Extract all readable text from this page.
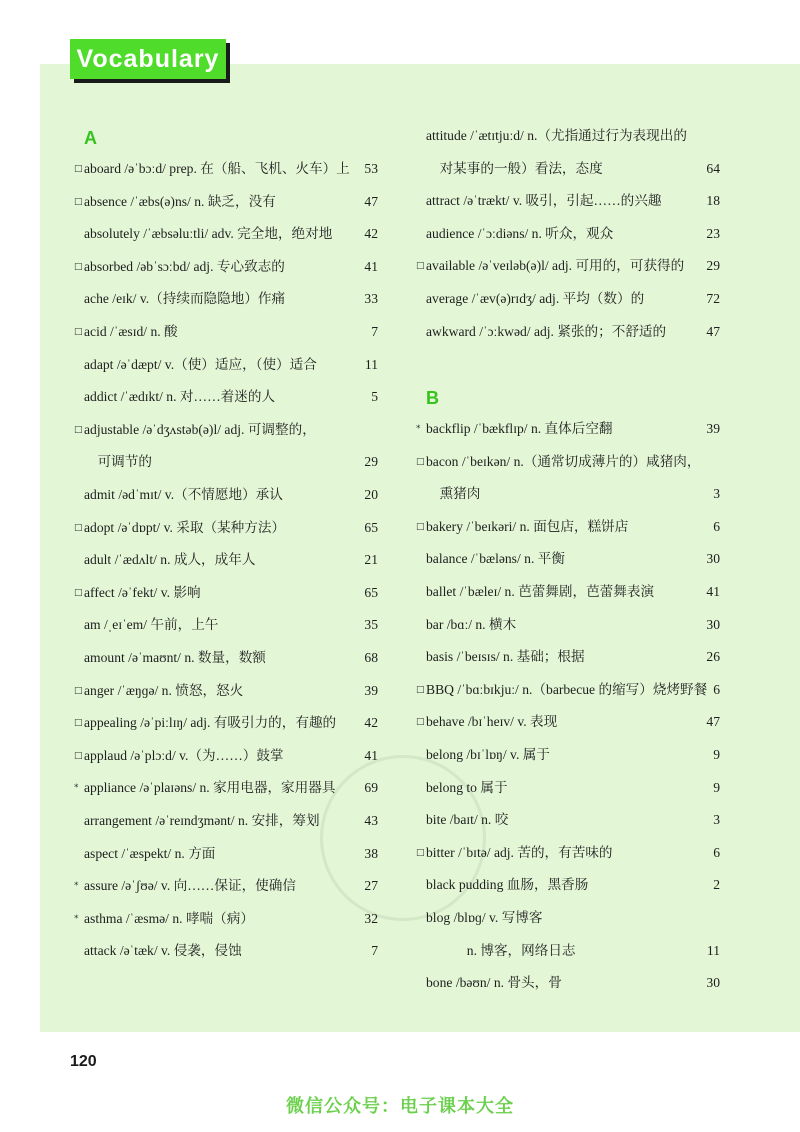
Vocabulary
A
B
□ aboard /əˈbɔːd/ prep. 在（船、飞机、火车）上 53
□ absence /ˈæbs(ə)ns/ n. 缺乏，没有	47
absolutely /ˈæbsəluːtli/ adv. 完全地，绝对地 42
□ absorbed /əbˈsɔːbd/ adj. 专心致志的	41
ache /eɪk/ v.（持续而隐隐地）作痛	33
□ acid /ˈæsɪd/ n. 酸	7
adapt /əˈdæpt/ v.（使）适应，（使）适合	11
addict /ˈædɪkt/ n. 对……着迷的人	5
□ adjustable /əˈdʒʌstəb(ə)l/ adj. 可调整的，
可调节的	29
admit /ədˈmɪt/ v.（不情愿地）承认	20
□ adopt /əˈdɒpt/ v. 采取（某种方法）	65
adult /ˈædʌlt/ n. 成人，成年人	21
□ affect /əˈfekt/ v. 影响	65
am /ˌeɪˈem/ 午前，上午	35
amount /əˈmaʊnt/ n. 数量，数额	68
□ anger /ˈæŋɡə/ n. 愤怒，怒火	39
□ appealing /əˈpiːlɪŋ/ adj. 有吸引力的，有趣的 42
□ applaud /əˈplɔːd/ v.（为……）鼓掌	41
* appliance /əˈplaɪəns/ n. 家用电器，家用器具 69
arrangement /əˈreɪndʒmənt/ n. 安排，筹划	43
aspect /ˈæspekt/ n. 方面	38
* assure /əˈʃʊə/ v. 向……保证，使确信	27
* asthma /ˈæsmə/ n. 哮喘（病）	32
attack /əˈtæk/ v. 侵袭，侵蚀	7
attitude /ˈætɪtjuːd/ n.（尤指通过行为表现出的
对某事的一般）看法，态度	64
attract /əˈtrækt/ v. 吸引，引起……的兴趣	18
audience /ˈɔːdiəns/ n. 听众，观众	23
□ available /əˈveɪləb(ə)l/ adj. 可用的，可获得的 29
average /ˈæv(ə)rɪdʒ/ adj. 平均（数）的	72
awkward /ˈɔːkwəd/ adj. 紧张的；不舒适的	47
* backflip /ˈbækflɪp/ n. 直体后空翻	39
□ bacon /ˈbeɪkən/ n.（通常切成薄片的）咸猪肉，
熏猪肉	3
□ bakery /ˈbeɪkəri/ n. 面包店，糕饼店	6
balance /ˈbæləns/ n. 平衡	30
ballet /ˈbæleɪ/ n. 芭蕾舞剧，芭蕾舞表演	41
bar /bɑː/ n. 横木	30
basis /ˈbeɪsɪs/ n. 基础；根据	26
□ BBQ /ˈbɑːbɪkjuː/ n.（barbecue 的缩写）烧烤野餐 6
□ behave /bɪˈheɪv/ v. 表现	47
belong /bɪˈlɒŋ/ v. 属于	9
belong to 属于	9
bite /baɪt/ n. 咬	3
□ bitter /ˈbɪtə/ adj. 苦的，有苦味的	6
black pudding 血肠，黑香肠	2
blog /blɒɡ/ v. 写博客
n. 博客，网络日志	11
bone /bəʊn/ n. 骨头，骨	30
120
微信公众号：电子课本大全
